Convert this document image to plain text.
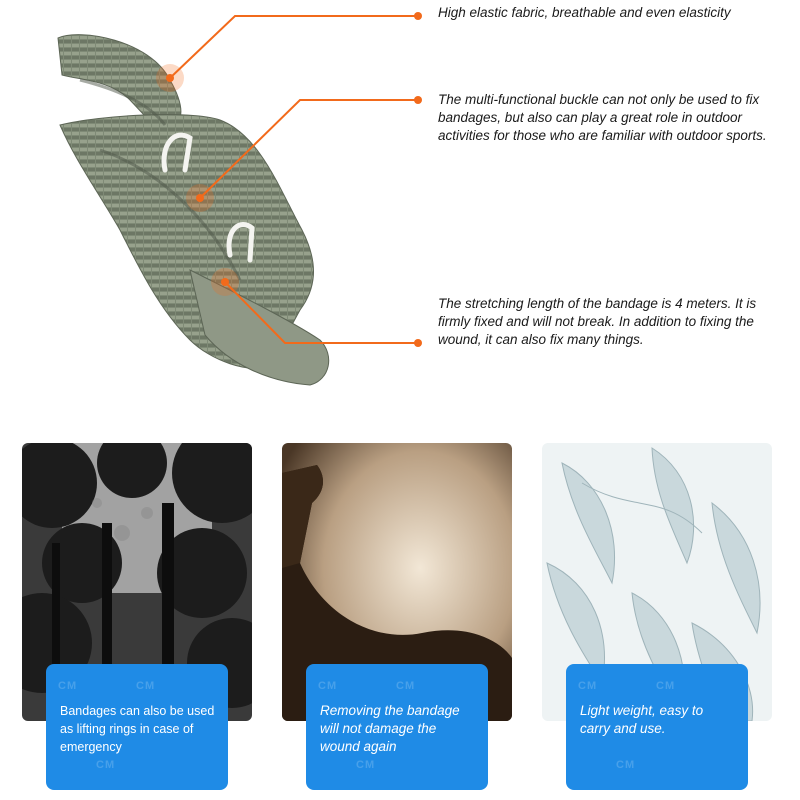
High elastic fabric, breathable and even elasticity
The multi-functional buckle can not only be used to fix bandages, but also can play a great role in outdoor activities for those who are familiar with outdoor sports.
The stretching length of the bandage is 4 meters. It is firmly fixed and will not break. In addition to fixing the wound, it can also fix many things.
CM	CM
CM
Bandages can also be used as lifting rings in case of emergency
CM	CM
CM
Removing the bandage will not damage the wound again
CM	CM
CM
Light weight, easy to carry and use.
